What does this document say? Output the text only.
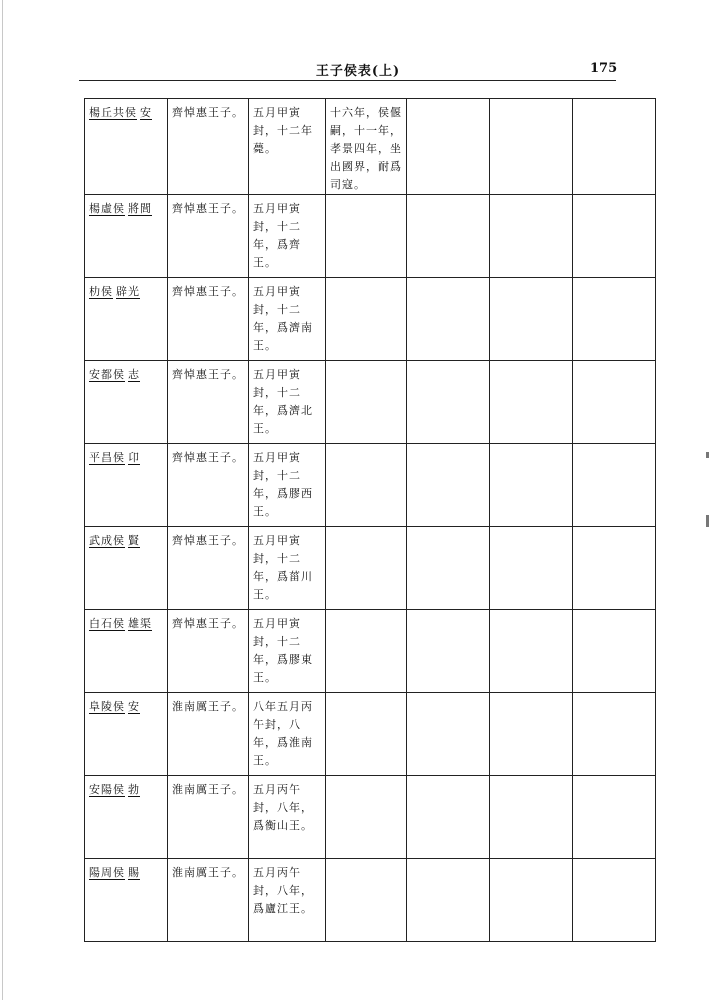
王子侯表(上)	175
楊丘共侯 安	齊悼惠王子。	五月甲寅封，十二年薨。	十六年，侯偃嗣，十一年，孝景四年，坐出國界，耐爲司寇。			

楊虛侯 將閭	齊悼惠王子。	五月甲寅封，十二年，爲齊王。				

朸侯 辟光	齊悼惠王子。	五月甲寅封，十二年，爲濟南王。				

安都侯 志	齊悼惠王子。	五月甲寅封，十二年，爲濟北王。				

平昌侯 卬	齊悼惠王子。	五月甲寅封，十二年，爲膠西王。				

武成侯 賢	齊悼惠王子。	五月甲寅封，十二年，爲菑川王。				

白石侯 雄渠	齊悼惠王子。	五月甲寅封，十二年，爲膠東王。				

阜陵侯 安	淮南厲王子。	八年五月丙午封，八年，爲淮南王。				

安陽侯 勃	淮南厲王子。	五月丙午封，八年，爲衡山王。				

陽周侯 賜	淮南厲王子。	五月丙午封，八年，爲廬江王。				
